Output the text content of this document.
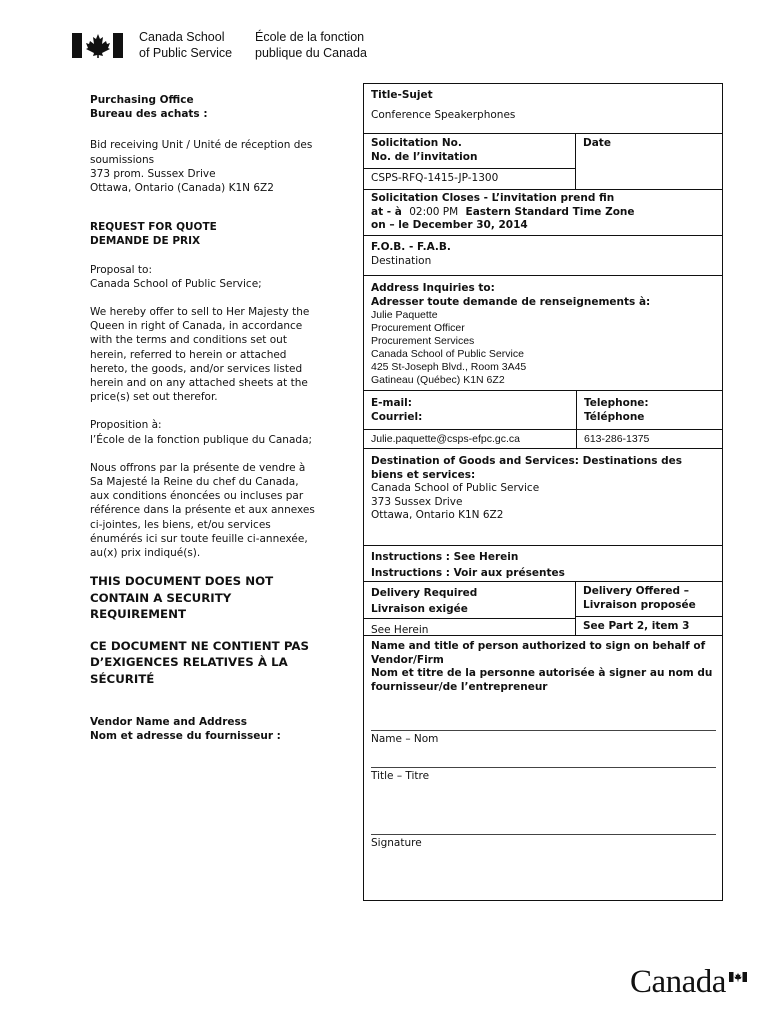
Canada School
of Public Service
École de la fonction
publique du Canada

Purchasing Office

Bureau des achats :

Bid receiving Unit / Unité de réception des

soumissions

373 prom. Sussex Drive

Ottawa, Ontario (Canada) K1N 6Z2

REQUEST FOR QUOTE

DEMANDE DE PRIX

Proposal to:

Canada School of Public Service;

We hereby offer to sell to Her Majesty the

Queen in right of Canada, in accordance

with the terms and conditions set out

herein, referred to herein or attached

hereto, the goods, and/or services listed

herein and on any attached sheets at the

price(s) set out therefor.

Proposition à:

l’École de la fonction publique du Canada;

Nous offrons par la présente de vendre à

Sa Majesté la Reine du chef du Canada,

aux conditions énoncées ou incluses par

référence dans la présente et aux annexes

ci-jointes, les biens, et/ou services

énumérés ici sur toute feuille ci-annexée,

au(x) prix indiqué(s).

THIS DOCUMENT DOES NOT

CONTAIN A SECURITY

REQUIREMENT

CE DOCUMENT NE CONTIENT PAS

D’EXIGENCES RELATIVES À LA

SÉCURITÉ

Vendor Name and Address

Nom et adresse du fournisseur :

Title-Sujet
Conference Speakerphones
Solicitation No.
No. de l’invitation
CSPS-RFQ-1415-JP-1300
Date
Solicitation Closes - L’invitation prend fin
at - à 02:00 PM Eastern Standard Time Zone
on – le December 30, 2014
F.O.B. - F.A.B.
Destination
Address Inquiries to:
Adresser toute demande de renseignements à:
Julie Paquette
Procurement Officer
Procurement Services
Canada School of Public Service
425 St-Joseph Blvd., Room 3A45
Gatineau (Québec) K1N 6Z2
E-mail:
Courriel:
Julie.paquette@csps-efpc.gc.ca
Telephone:
Téléphone
613-286-1375
Destination of Goods and Services: Destinations des biens et services:
Canada School of Public Service
373 Sussex Drive
Ottawa, Ontario K1N 6Z2
Instructions : See Herein
Instructions : Voir aux présentes
Delivery Required
Livraison exigée
See Herein
Delivery Offered –
Livraison proposée
See Part 2, item 3
Name and title of person authorized to sign on behalf of Vendor/Firm
Nom et titre de la personne autorisée à signer au nom du fournisseur/de l’entrepreneur
Name – Nom
Title – Titre
Signature
Canada
